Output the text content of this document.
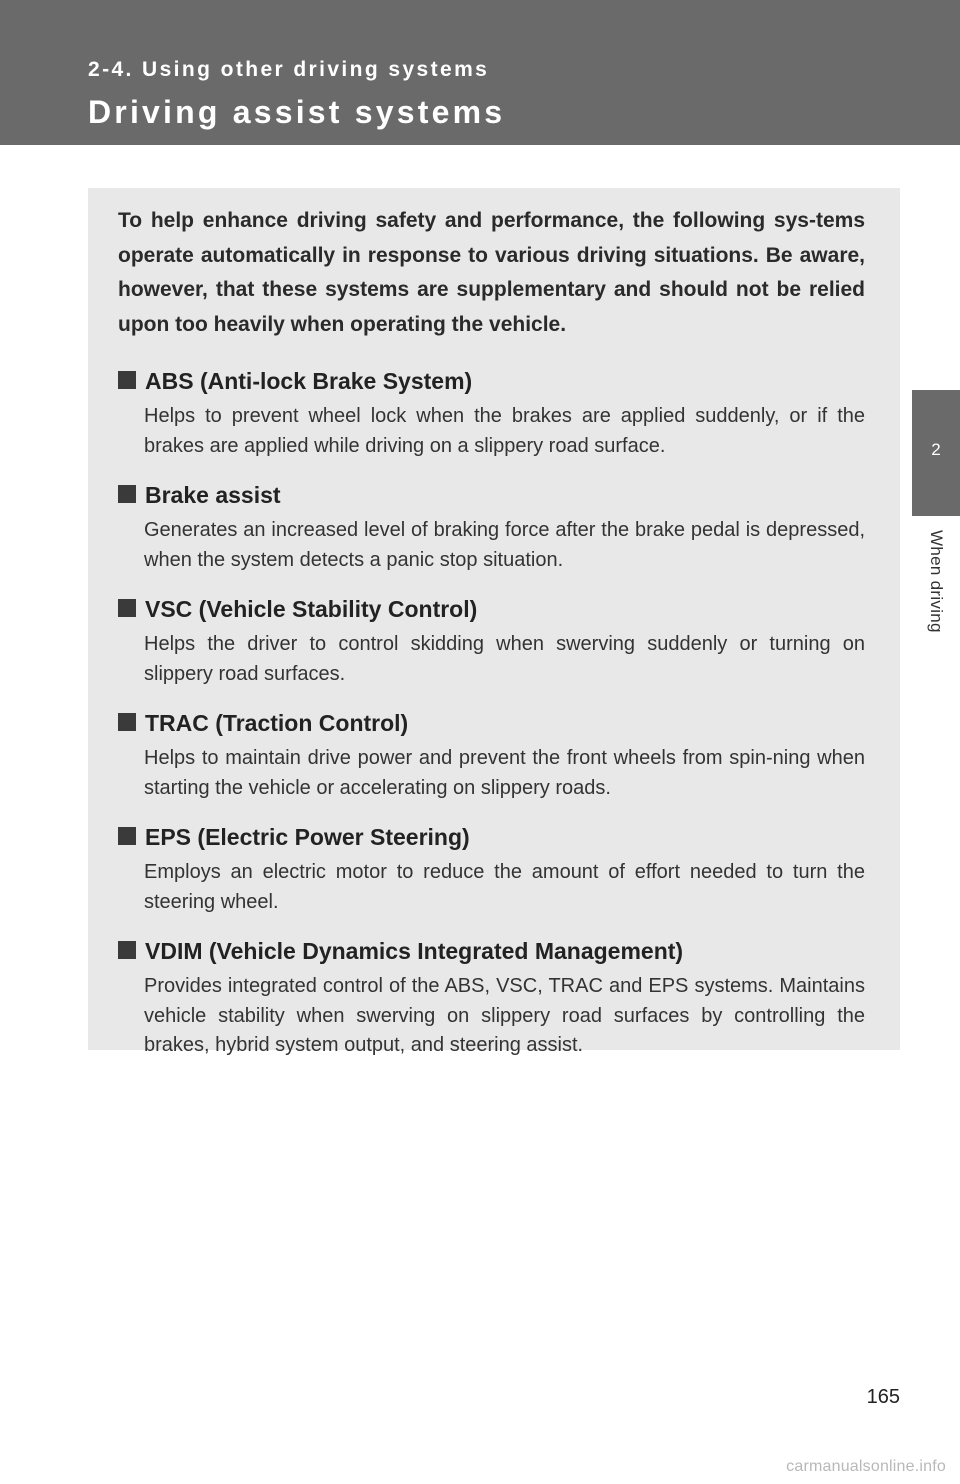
2-4. Using other driving systems
Driving assist systems
2
When driving

To help enhance driving safety and performance, the following sys-tems operate automatically in response to various driving situations. Be aware, however, that these systems are supplementary and should not be relied upon too heavily when operating the vehicle.

ABS (Anti-lock Brake System)

Helps to prevent wheel lock when the brakes are applied suddenly, or if the brakes are applied while driving on a slippery road surface.

Brake assist

Generates an increased level of braking force after the brake pedal is depressed, when the system detects a panic stop situation.

VSC (Vehicle Stability Control)

Helps the driver to control skidding when swerving suddenly or turning on slippery road surfaces.

TRAC (Traction Control)

Helps to maintain drive power and prevent the front wheels from spin-ning when starting the vehicle or accelerating on slippery roads.

EPS (Electric Power Steering)

Employs an electric motor to reduce the amount of effort needed to turn the steering wheel.

VDIM (Vehicle Dynamics Integrated Management)

Provides integrated control of the ABS, VSC, TRAC and EPS systems. Maintains vehicle stability when swerving on slippery road surfaces by controlling the brakes, hybrid system output, and steering assist.

165
carmanualsonline.info
